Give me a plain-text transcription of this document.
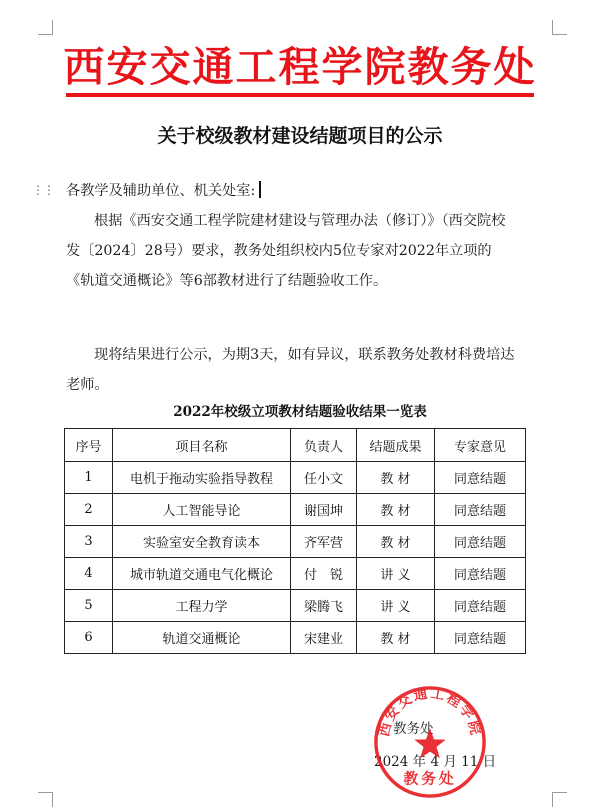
西安交通工程学院教务处
关于校级教材建设结题项目的公示
⋮⋮ 各教学及辅助单位、机关处室:
根据《西安交通工程学院建材建设与管理办法（修订）》（西交院校发〔2024〕28号）要求，教务处组织校内5位专家对2022年立项的《轨道交通概论》等6部教材进行了结题验收工作。
现将结果进行公示，为期3天，如有异议，联系教务处教材科费培达老师。
2022年校级立项教材结题验收结果一览表
序号	项目名称	负责人	结题成果	专家意见
1	电机于拖动实验指导教程	任小文	教 材	同意结题
2	人工智能导论	谢国坤	教 材	同意结题
3	实验室安全教育读本	齐军营	教 材	同意结题
4	城市轨道交通电气化概论	付　锐	讲 义	同意结题
5	工程力学	梁腾飞	讲 义	同意结题
6	轨道交通概论	宋建业	教 材	同意结题
教务处
2024 年 4 月 11 日
西安交通工程学院
教务处
